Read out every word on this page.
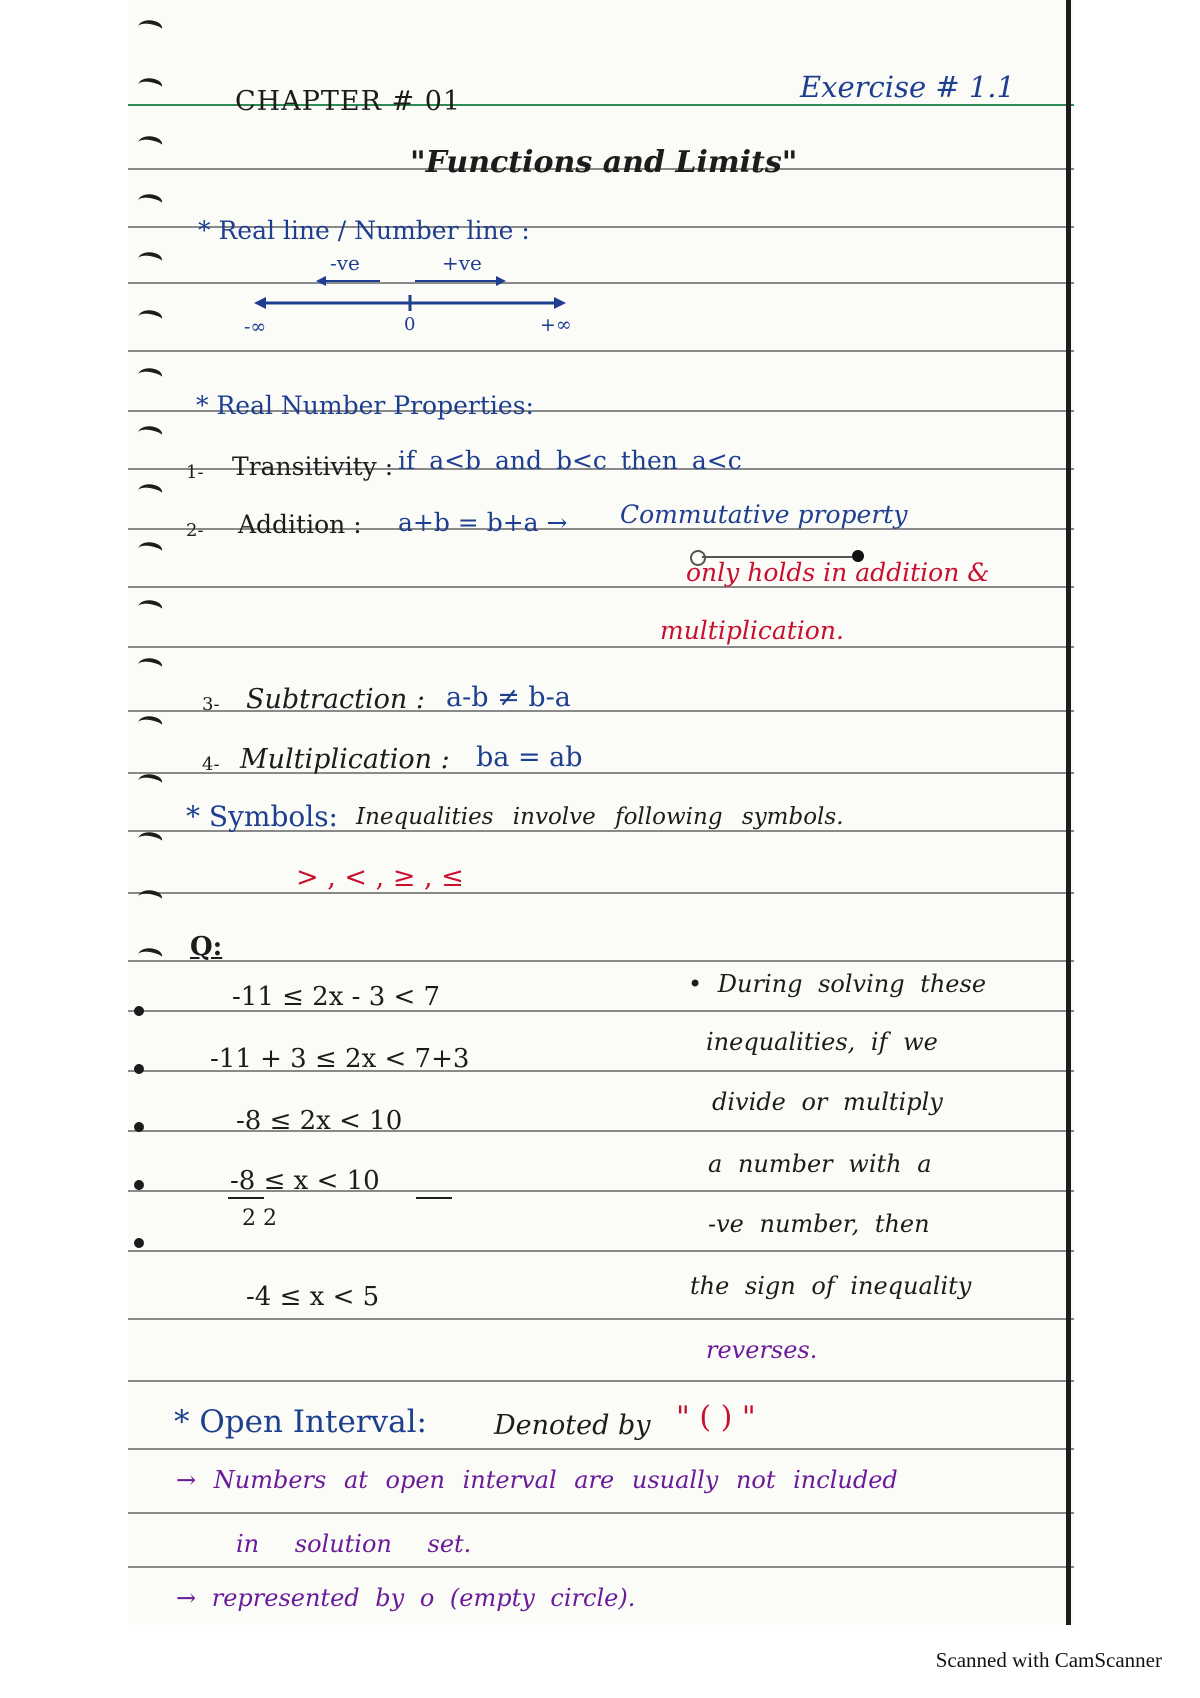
CHAPTER # 01	Exercise # 1.1
"Functions and Limits"
* Real line / Number line :
-ve	+ve
-∞	0	+∞
* Real Number Properties:
1- Transitivity : if a<b and b<c then a<c
2- Addition : a+b = b+a → Commutative property
only holds in addition &
multiplication.
3- Subtraction : a-b ≠ b-a
4- Multiplication : ba = ab
* Symbols: Inequalities involve following symbols.
> , < , ≥ , ≤
Q:
-11 ≤ 2x - 3 < 7
-11 + 3 ≤ 2x < 7+3
-8 ≤ 2x < 10
-8 ≤ x < 10
2 2
-4 ≤ x < 5
• During solving these
inequalities, if we
divide or multiply
a number with a
-ve number, then
the sign of inequality
reverses.
* Open Interval: Denoted by " ( ) "
→ Numbers at open interval are usually not included
in solution set.
→ represented by o (empty circle).
Scanned with CamScanner
